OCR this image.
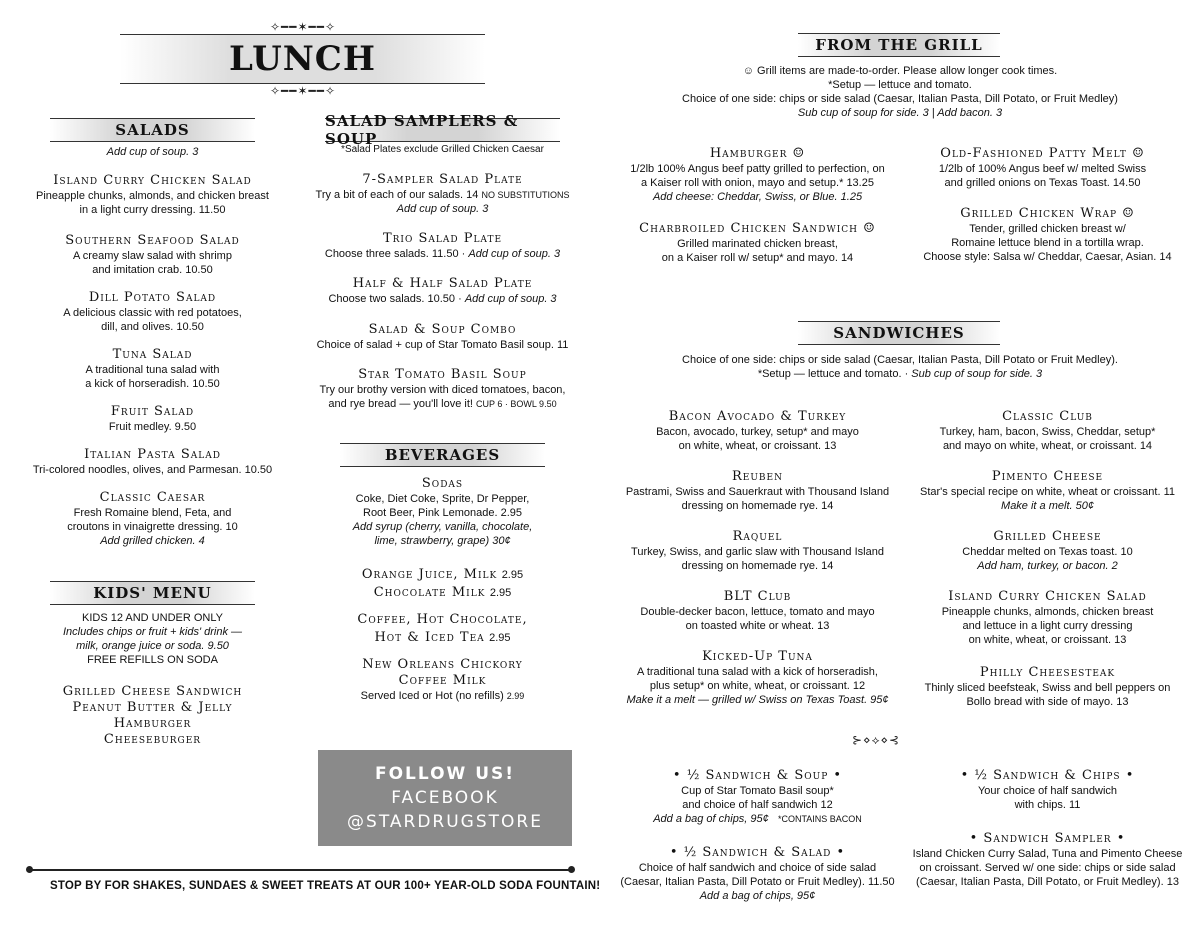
✧━━✶━━✧
LUNCH
✧━━✶━━✧
SALADS
Add cup of soup. 3
Island Curry Chicken Salad
Pineapple chunks, almonds, and chicken breast
in a light curry dressing. 11.50
Southern Seafood Salad
A creamy slaw salad with shrimp
and imitation crab. 10.50
Dill Potato Salad
A delicious classic with red potatoes,
dill, and olives. 10.50
Tuna Salad
A traditional tuna salad with
a kick of horseradish. 10.50
Fruit Salad
Fruit medley. 9.50
Italian Pasta Salad
Tri-colored noodles, olives, and Parmesan. 10.50
Classic Caesar
Fresh Romaine blend, Feta, and
croutons in vinaigrette dressing. 10
Add grilled chicken. 4
KIDS' MENU
KIDS 12 AND UNDER ONLY
Includes chips or fruit + kids' drink —
milk, orange juice or soda. 9.50
FREE REFILLS ON SODA
Grilled Cheese Sandwich
Peanut Butter & Jelly
Hamburger
Cheeseburger
SALAD SAMPLERS & SOUP
*Salad Plates exclude Grilled Chicken Caesar
7-Sampler Salad Plate
Try a bit of each of our salads. 14 NO SUBSTITUTIONS
Add cup of soup. 3
Trio Salad Plate
Choose three salads. 11.50 · Add cup of soup. 3
Half & Half Salad Plate
Choose two salads. 10.50 · Add cup of soup. 3
Salad & Soup Combo
Choice of salad + cup of Star Tomato Basil soup. 11
Star Tomato Basil Soup
Try our brothy version with diced tomatoes, bacon,
and rye bread — you'll love it! CUP 6 · BOWL 9.50
BEVERAGES
Sodas
Coke, Diet Coke, Sprite, Dr Pepper,
Root Beer, Pink Lemonade. 2.95
Add syrup (cherry, vanilla, chocolate,
lime, strawberry, grape) 30¢
Orange Juice, Milk 2.95
Chocolate Milk 2.95
Coffee, Hot Chocolate,
Hot & Iced Tea 2.95
New Orleans Chickory
Coffee Milk
Served Iced or Hot (no refills) 2.99
FOLLOW US!
FACEBOOK
@STARDRUGSTORE
STOP BY FOR SHAKES, SUNDAES & SWEET TREATS AT OUR 100+ YEAR-OLD SODA FOUNTAIN!
FROM THE GRILL
☺ Grill items are made-to-order. Please allow longer cook times.
*Setup — lettuce and tomato.
Choice of one side: chips or side salad (Caesar, Italian Pasta, Dill Potato, or Fruit Medley)
Sub cup of soup for side. 3 | Add bacon. 3
Hamburger ☺
1/2lb 100% Angus beef patty grilled to perfection, on
a Kaiser roll with onion, mayo and setup.* 13.25
Add cheese: Cheddar, Swiss, or Blue. 1.25
Old-Fashioned Patty Melt ☺
1/2lb of 100% Angus beef w/ melted Swiss
and grilled onions on Texas Toast. 14.50
Charbroiled Chicken Sandwich ☺
Grilled marinated chicken breast,
on a Kaiser roll w/ setup* and mayo. 14
Grilled Chicken Wrap ☺
Tender, grilled chicken breast w/
Romaine lettuce blend in a tortilla wrap.
Choose style: Salsa w/ Cheddar, Caesar, Asian. 14
SANDWICHES
Choice of one side: chips or side salad (Caesar, Italian Pasta, Dill Potato or Fruit Medley).
*Setup — lettuce and tomato. · Sub cup of soup for side. 3
Bacon Avocado & Turkey
Bacon, avocado, turkey, setup* and mayo
on white, wheat, or croissant. 13
Reuben
Pastrami, Swiss and Sauerkraut with Thousand Island
dressing on homemade rye. 14
Raquel
Turkey, Swiss, and garlic slaw with Thousand Island
dressing on homemade rye. 14
BLT Club
Double-decker bacon, lettuce, tomato and mayo
on toasted white or wheat. 13
Kicked-Up Tuna
A traditional tuna salad with a kick of horseradish,
plus setup* on white, wheat, or croissant. 12
Make it a melt — grilled w/ Swiss on Texas Toast. 95¢
Classic Club
Turkey, ham, bacon, Swiss, Cheddar, setup*
and mayo on white, wheat, or croissant. 14
Pimento Cheese
Star's special recipe on white, wheat or croissant. 11
Make it a melt. 50¢
Grilled Cheese
Cheddar melted on Texas toast. 10
Add ham, turkey, or bacon. 2
Island Curry Chicken Salad
Pineapple chunks, almonds, chicken breast
and lettuce in a light curry dressing
on white, wheat, or croissant. 13
Philly Cheesesteak
Thinly sliced beefsteak, Swiss and bell peppers on
Bollo bread with side of mayo. 13
⊱⋄⟡⋄⊰
• ½ Sandwich & Soup •
Cup of Star Tomato Basil soup*
and choice of half sandwich 12
Add a bag of chips, 95¢ *CONTAINS BACON
• ½ Sandwich & Chips •
Your choice of half sandwich
with chips. 11
• ½ Sandwich & Salad •
Choice of half sandwich and choice of side salad
(Caesar, Italian Pasta, Dill Potato or Fruit Medley). 11.50
Add a bag of chips, 95¢
• Sandwich Sampler •
Island Chicken Curry Salad, Tuna and Pimento Cheese
on croissant. Served w/ one side: chips or side salad
(Caesar, Italian Pasta, Dill Potato, or Fruit Medley). 13
